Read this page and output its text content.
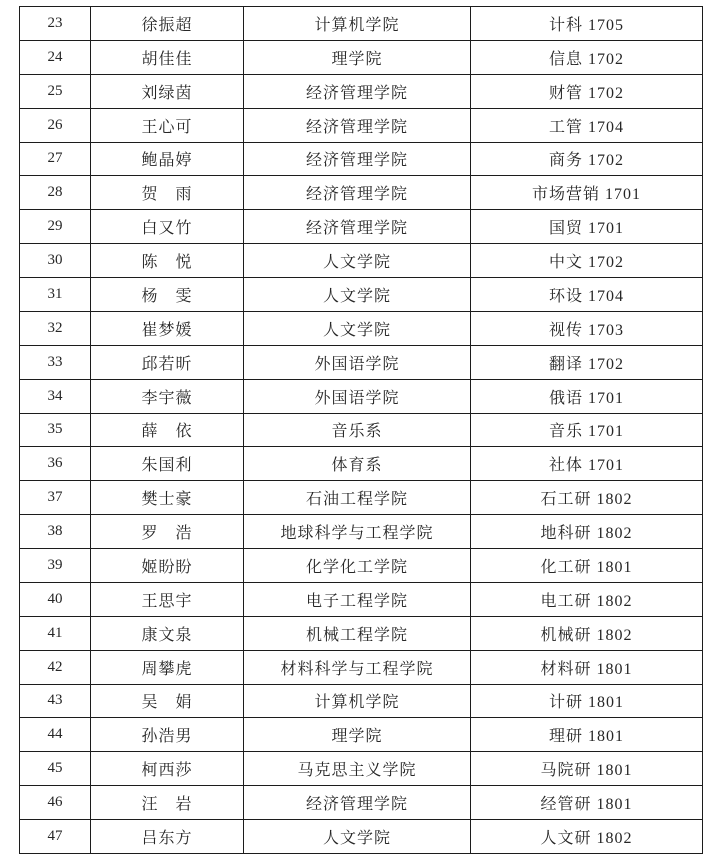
23	徐振超	计算机学院	计科 1705
24	胡佳佳	理学院	信息 1702
25	刘绿茵	经济管理学院	财管 1702
26	王心可	经济管理学院	工管 1704
27	鲍晶婷	经济管理学院	商务 1702
28	贺　雨	经济管理学院	市场营销 1701
29	白又竹	经济管理学院	国贸 1701
30	陈　悦	人文学院	中文 1702
31	杨　雯	人文学院	环设 1704
32	崔梦媛	人文学院	视传 1703
33	邱若昕	外国语学院	翻译 1702
34	李宇薇	外国语学院	俄语 1701
35	薛　依	音乐系	音乐 1701
36	朱国利	体育系	社体 1701
37	樊士豪	石油工程学院	石工研 1802
38	罗　浩	地球科学与工程学院	地科研 1802
39	姬盼盼	化学化工学院	化工研 1801
40	王思宇	电子工程学院	电工研 1802
41	康文泉	机械工程学院	机械研 1802
42	周攀虎	材料科学与工程学院	材料研 1801
43	吴　娟	计算机学院	计研 1801
44	孙浩男	理学院	理研 1801
45	柯西莎	马克思主义学院	马院研 1801
46	汪　岩	经济管理学院	经管研 1801
47	吕东方	人文学院	人文研 1802
